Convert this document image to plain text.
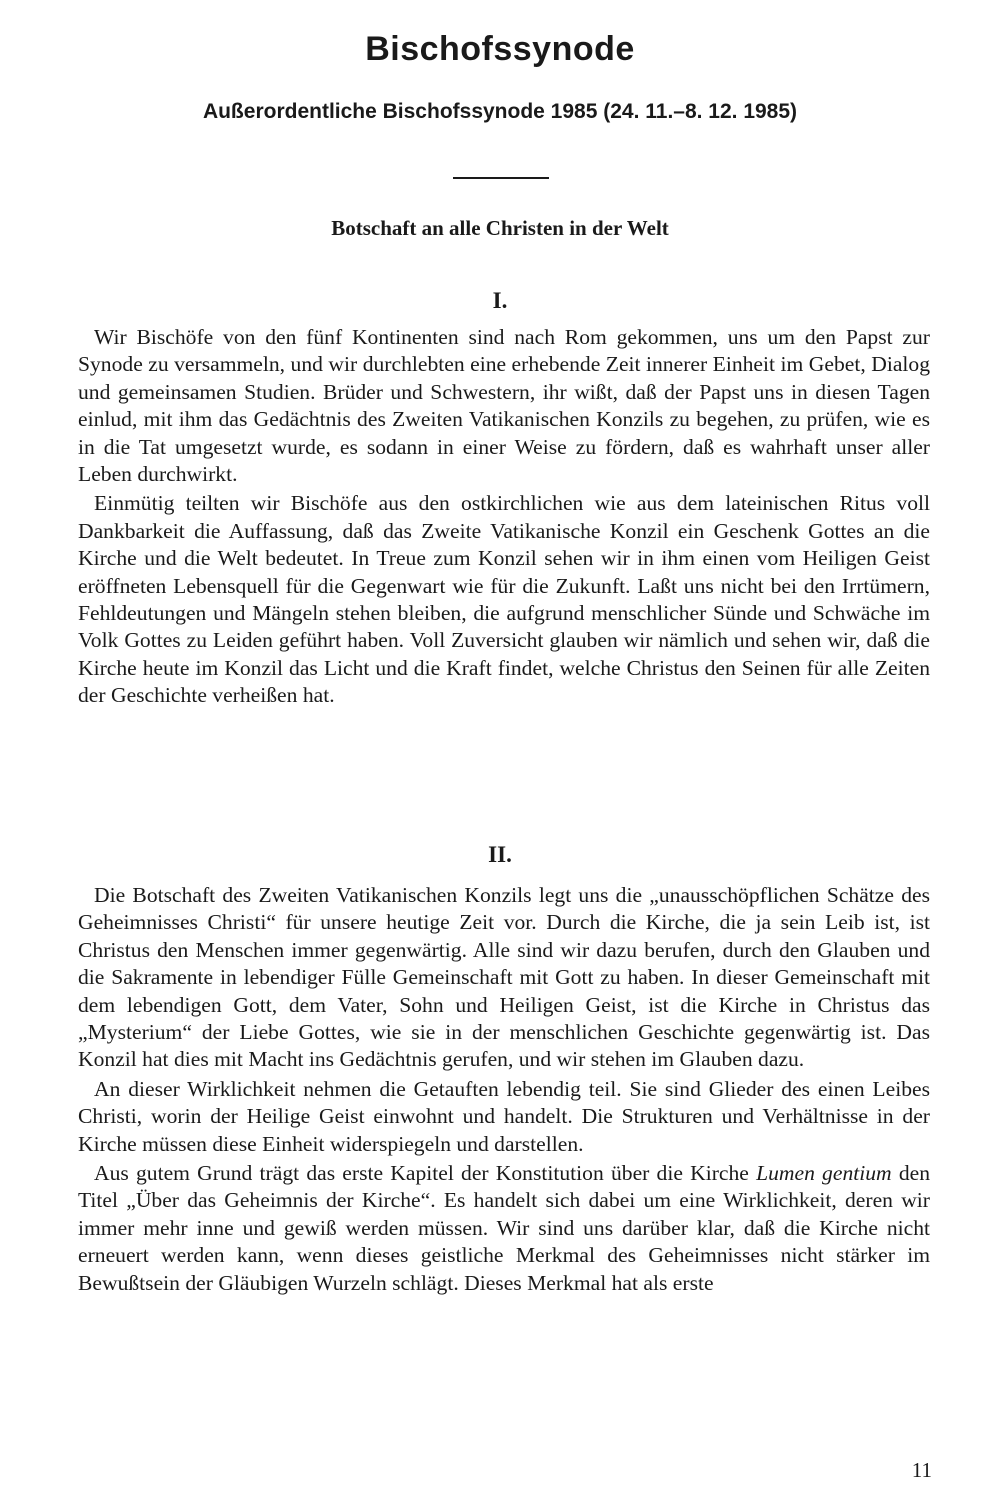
Bischofssynode
Außerordentliche Bischofssynode 1985 (24. 11.–8. 12. 1985)
Botschaft an alle Christen in der Welt
I.

Wir Bischöfe von den fünf Kontinenten sind nach Rom gekommen, uns um den Papst zur Synode zu versammeln, und wir durchlebten eine erhebende Zeit innerer Einheit im Gebet, Dialog und gemeinsamen Studien. Brüder und Schwestern, ihr wißt, daß der Papst uns in diesen Tagen einlud, mit ihm das Gedächtnis des Zweiten Vatikanischen Konzils zu begehen, zu prüfen, wie es in die Tat umgesetzt wurde, es sodann in einer Weise zu fördern, daß es wahrhaft unser aller Leben durchwirkt.

Einmütig teilten wir Bischöfe aus den ostkirchlichen wie aus dem lateinischen Ritus voll Dankbarkeit die Auffassung, daß das Zweite Vatikanische Konzil ein Geschenk Gottes an die Kirche und die Welt bedeutet. In Treue zum Konzil sehen wir in ihm einen vom Heiligen Geist eröffneten Lebensquell für die Gegenwart wie für die Zukunft. Laßt uns nicht bei den Irrtümern, Fehldeutungen und Mängeln stehen bleiben, die aufgrund menschlicher Sünde und Schwäche im Volk Gottes zu Leiden geführt haben. Voll Zuversicht glauben wir nämlich und sehen wir, daß die Kirche heute im Konzil das Licht und die Kraft findet, welche Christus den Seinen für alle Zeiten der Geschichte verheißen hat.

II.

Die Botschaft des Zweiten Vatikanischen Konzils legt uns die „unausschöpflichen Schätze des Geheimnisses Christi“ für unsere heutige Zeit vor. Durch die Kirche, die ja sein Leib ist, ist Christus den Menschen immer gegenwärtig. Alle sind wir dazu berufen, durch den Glauben und die Sakramente in lebendiger Fülle Gemeinschaft mit Gott zu haben. In dieser Gemeinschaft mit dem lebendigen Gott, dem Vater, Sohn und Heiligen Geist, ist die Kirche in Christus das „Mysterium“ der Liebe Gottes, wie sie in der menschlichen Geschichte gegenwärtig ist. Das Konzil hat dies mit Macht ins Gedächtnis gerufen, und wir stehen im Glauben dazu.

An dieser Wirklichkeit nehmen die Getauften lebendig teil. Sie sind Glieder des einen Leibes Christi, worin der Heilige Geist einwohnt und handelt. Die Strukturen und Verhältnisse in der Kirche müssen diese Einheit widerspiegeln und darstellen.

Aus gutem Grund trägt das erste Kapitel der Konstitution über die Kirche Lumen gentium den Titel „Über das Geheimnis der Kirche“. Es handelt sich dabei um eine Wirklichkeit, deren wir immer mehr inne und gewiß werden müssen. Wir sind uns darüber klar, daß die Kirche nicht erneuert werden kann, wenn dieses geistliche Merkmal des Geheimnisses nicht stärker im Bewußtsein der Gläubigen Wurzeln schlägt. Dieses Merkmal hat als erste

11
